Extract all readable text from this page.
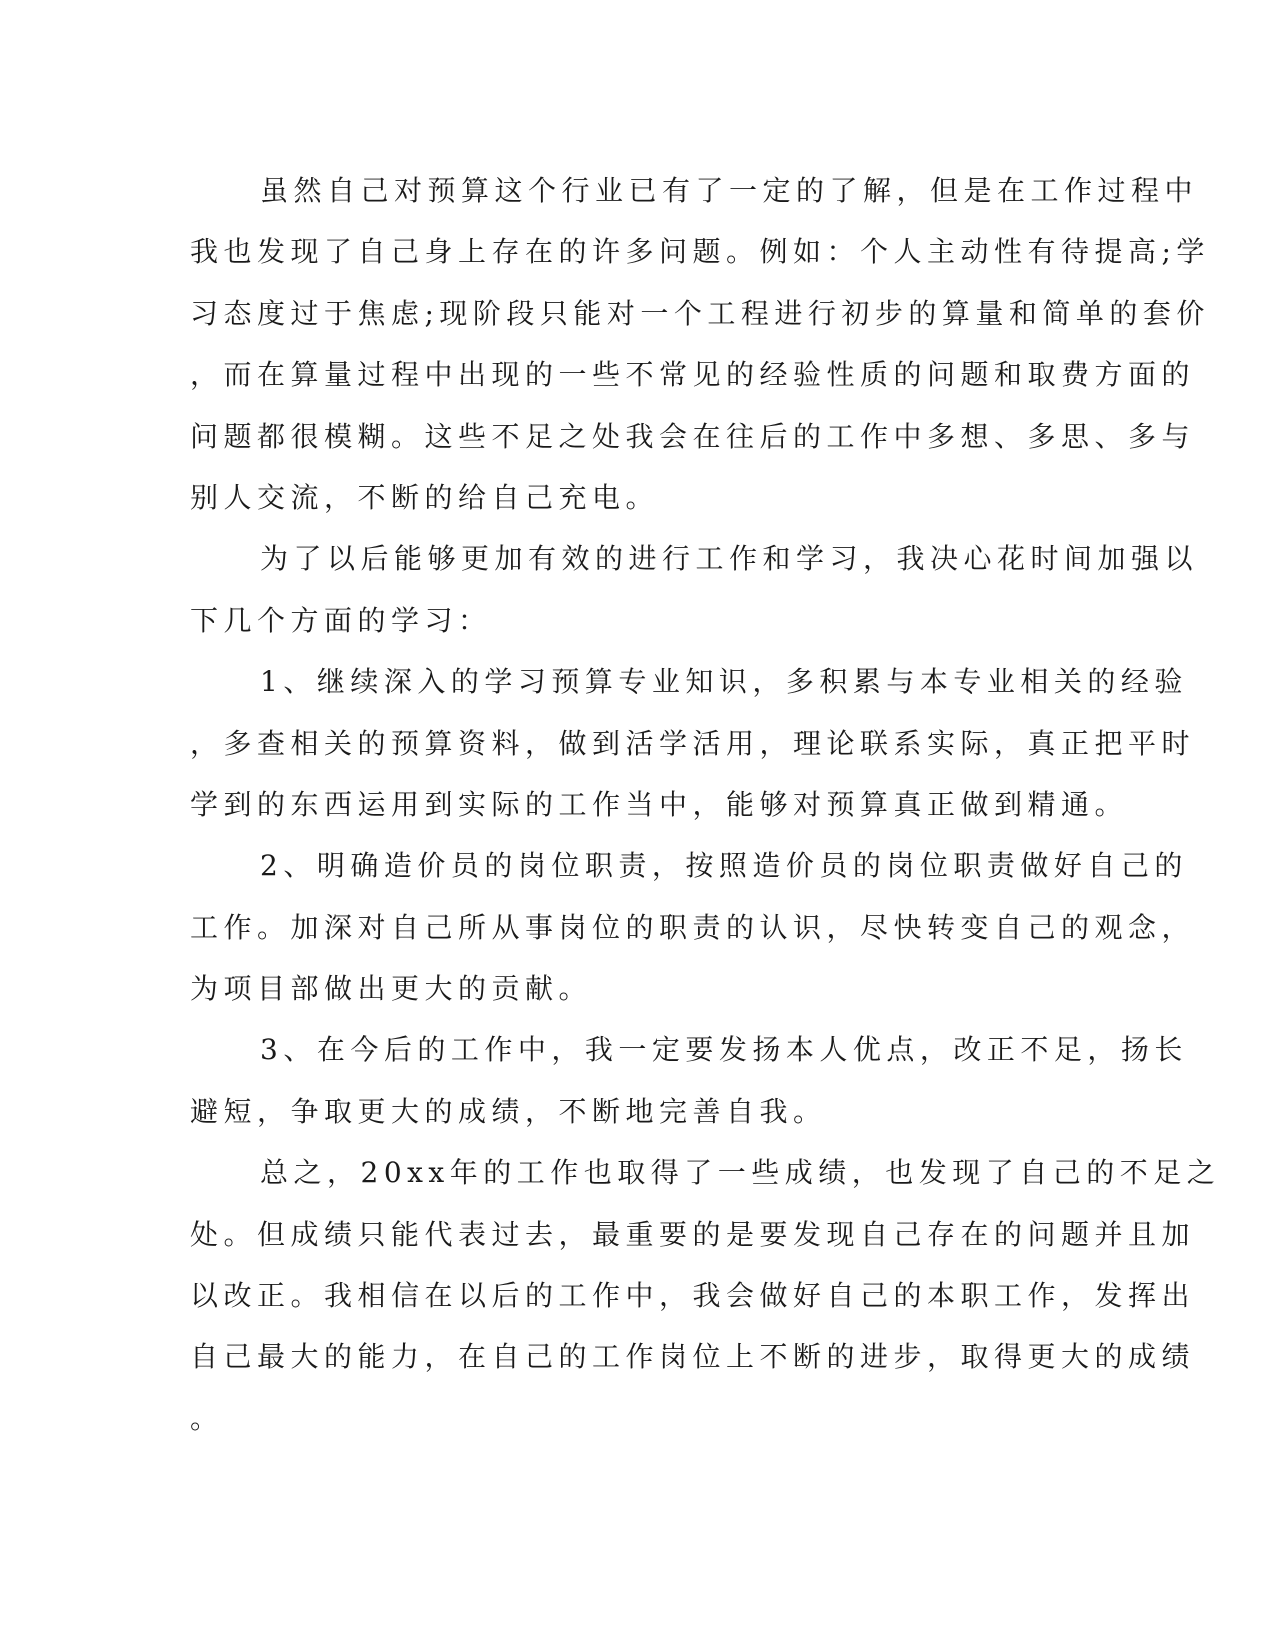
虽然自己对预算这个行业已有了一定的了解，但是在工作过程中
我也发现了自己身上存在的许多问题。例如：个人主动性有待提高;学
习态度过于焦虑;现阶段只能对一个工程进行初步的算量和简单的套价
，而在算量过程中出现的一些不常见的经验性质的问题和取费方面的
问题都很模糊。这些不足之处我会在往后的工作中多想、多思、多与
别人交流，不断的给自己充电。
为了以后能够更加有效的进行工作和学习，我决心花时间加强以
下几个方面的学习：
1、继续深入的学习预算专业知识，多积累与本专业相关的经验
，多查相关的预算资料，做到活学活用，理论联系实际，真正把平时
学到的东西运用到实际的工作当中，能够对预算真正做到精通。
2、明确造价员的岗位职责，按照造价员的岗位职责做好自己的
工作。加深对自己所从事岗位的职责的认识，尽快转变自己的观念，
为项目部做出更大的贡献。
3、在今后的工作中，我一定要发扬本人优点，改正不足，扬长
避短，争取更大的成绩，不断地完善自我。
总之，20xx年的工作也取得了一些成绩，也发现了自己的不足之
处。但成绩只能代表过去，最重要的是要发现自己存在的问题并且加
以改正。我相信在以后的工作中，我会做好自己的本职工作，发挥出
自己最大的能力，在自己的工作岗位上不断的进步，取得更大的成绩
。
